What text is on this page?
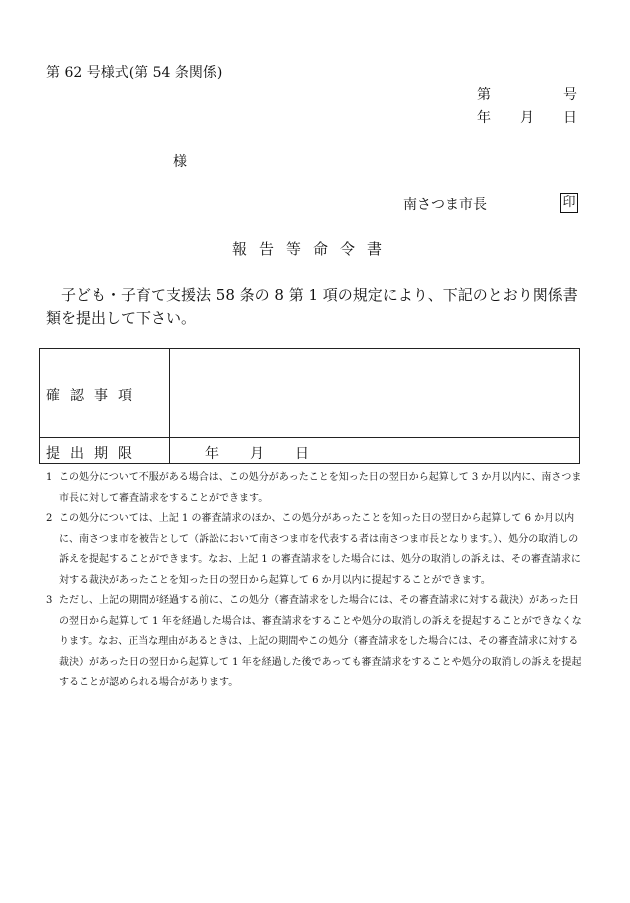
第 62 号様式(第 54 条関係)
第	号
年 月 日
様
南さつま市長	印
報告等命令書
子ども・子育て支援法 58 条の 8 第 1 項の規定により、下記のとおり関係書類を提出して下さい。
確認事項
提出期限	年 月 日
1 この処分について不服がある場合は、この処分があったことを知った日の翌日から起算して 3 か月以内に、南さつま市長に対して審査請求をすることができます。
2 この処分については、上記 1 の審査請求のほか、この処分があったことを知った日の翌日から起算して 6 か月以内に、南さつま市を被告として（訴訟において南さつま市を代表する者は南さつま市長となります。）、処分の取消しの訴えを提起することができます。なお、上記 1 の審査請求をした場合には、処分の取消しの訴えは、その審査請求に対する裁決があったことを知った日の翌日から起算して 6 か月以内に提起することができます。
3 ただし、上記の期間が経過する前に、この処分（審査請求をした場合には、その審査請求に対する裁決）があった日の翌日から起算して 1 年を経過した場合は、審査請求をすることや処分の取消しの訴えを提起することができなくなります。なお、正当な理由があるときは、上記の期間やこの処分（審査請求をした場合には、その審査請求に対する裁決）があった日の翌日から起算して 1 年を経過した後であっても審査請求をすることや処分の取消しの訴えを提起することが認められる場合があります。
